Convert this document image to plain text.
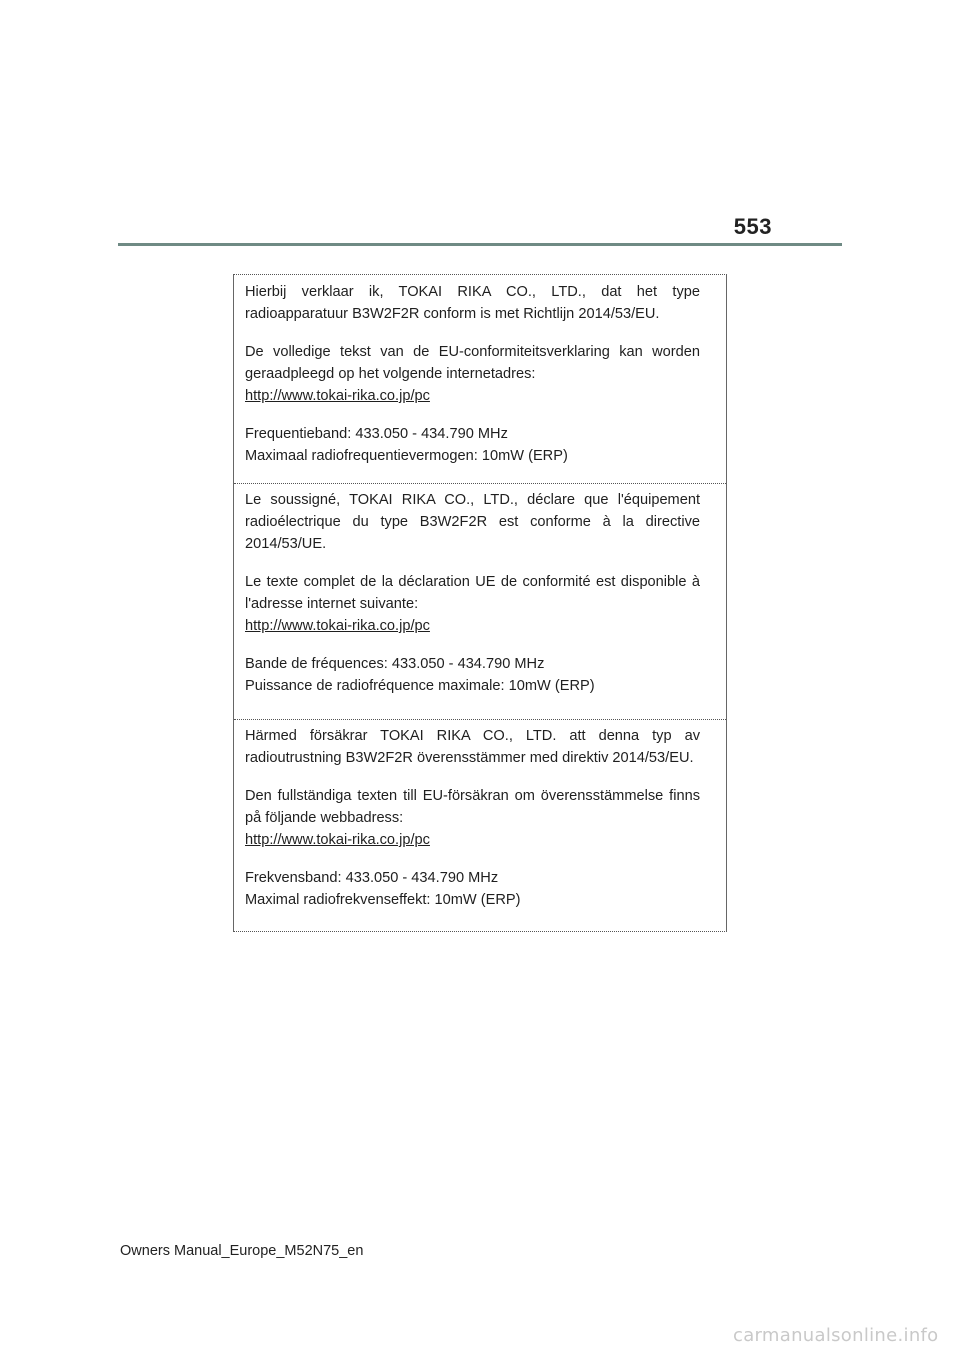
553

Hierbij verklaar ik, TOKAI RIKA CO., LTD., dat het type radioapparatuur B3W2F2R conform is met Richtlijn 2014/53/EU.

De volledige tekst van de EU-conformiteitsverklaring kan worden geraadpleegd op het volgende internetadres:

http://www.tokai-rika.co.jp/pc

Frequentieband: 433.050 - 434.790 MHz

Maximaal radiofrequentievermogen: 10mW (ERP)

Le soussigné, TOKAI RIKA CO., LTD., déclare que l'équipement radioélectrique du type B3W2F2R est conforme à la directive 2014/53/UE.

Le texte complet de la déclaration UE de conformité est disponible à l'adresse internet suivante:

http://www.tokai-rika.co.jp/pc

Bande de fréquences: 433.050 - 434.790 MHz

Puissance de radiofréquence maximale: 10mW (ERP)

Härmed försäkrar TOKAI RIKA CO., LTD. att denna typ av radioutrustning B3W2F2R överensstämmer med direktiv 2014/53/EU.

Den fullständiga texten till EU-försäkran om överensstämmelse finns på följande webbadress:

http://www.tokai-rika.co.jp/pc

Frekvensband: 433.050 - 434.790 MHz

Maximal radiofrekvenseffekt: 10mW (ERP)

Owners Manual_Europe_M52N75_en
carmanualsonline.info
